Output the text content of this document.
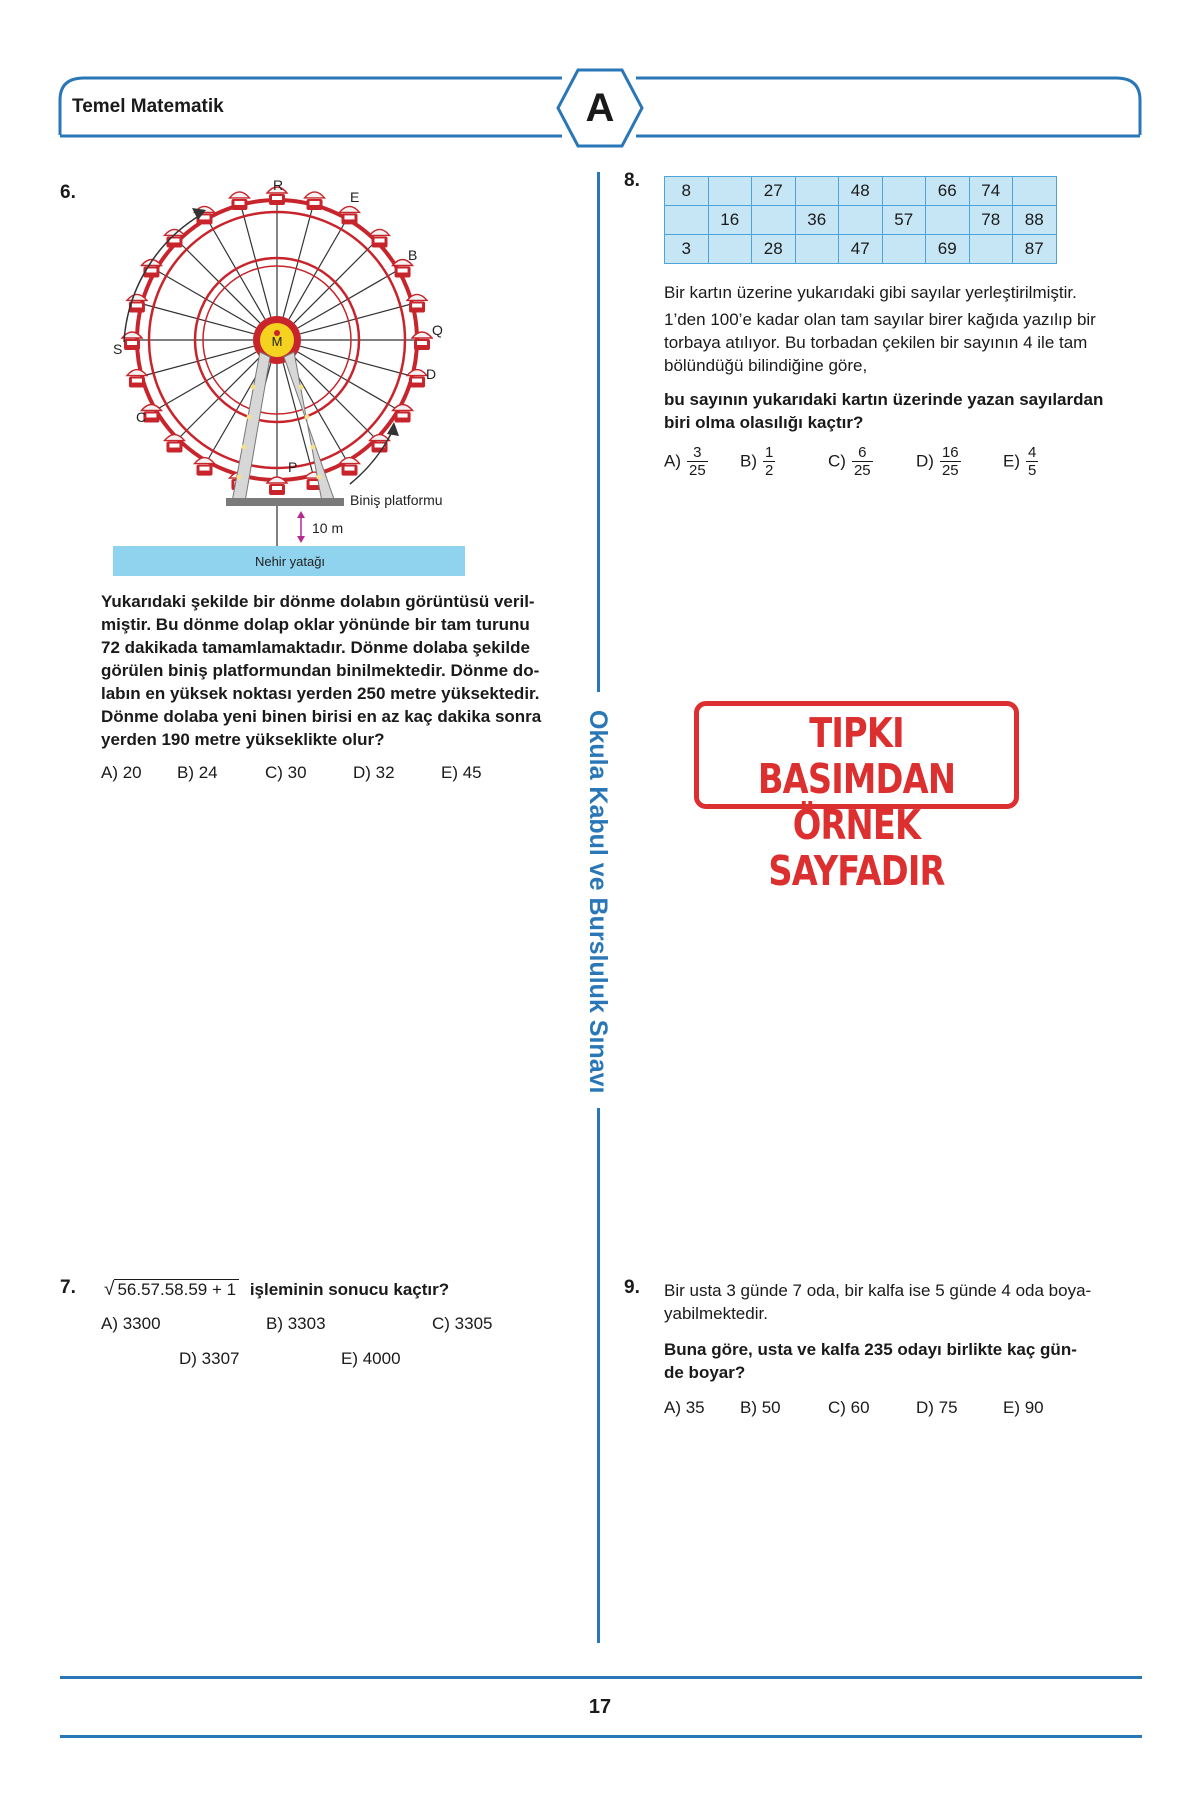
Temel Matematik	A
Okula Kabul ve Bursluluk Sınavı
6.	R
E
B
Q
D
S
C
P
M
Biniş platformu
10 m
Nehir yatağı
Yukarıdaki şekilde bir dönme dolabın görüntüsü veril-
miştir. Bu dönme dolap oklar yönünde bir tam turunu
72 dakikada tamamlamaktadır. Dönme dolaba şekilde
görülen biniş platformundan binilmektedir. Dönme do-
labın en yüksek noktası yerden 250 metre yüksektedir.
Dönme dolaba yeni binen birisi en az kaç dakika sonra
yerden 190 metre yükseklikte olur?
A) 20 B) 24	C) 30	D) 32	E) 45
8. 8		27		48		66	74	
	16		36		57		78	88
3		28		47		69		87
Bir kartın üzerine yukarıdaki gibi sayılar yerleştirilmiştir.
1’den 100’e kadar olan tam sayılar birer kağıda yazılıp bir
torbaya atılıyor. Bu torbadan çekilen bir sayının 4 ile tam
bölündüğü bilindiğine göre,
bu sayının yukarıdaki kartın üzerinde yazan sayılardan
biri olma olasılığı kaçtır?
$A) \frac{3}{25} B) \frac{1}{2}$	$C) \frac{6}{25}$	$D) \frac{16}{25} E) \frac{4}{5}$
TIPKI BASIMDAN
ÖRNEK SAYFADIR
7. √ 56.57.58.59 + 1 işleminin sonucu kaçtır?
A) 3300	B) 3303	C) 3305
D) 3307	E) 4000
9. Bir usta 3 günde 7 oda, bir kalfa ise 5 günde 4 oda boya-
yabilmektedir.
Buna göre, usta ve kalfa 235 odayı birlikte kaç gün-
de boyar?
A) 35 B) 50	C) 60	D) 75	E) 90
17
